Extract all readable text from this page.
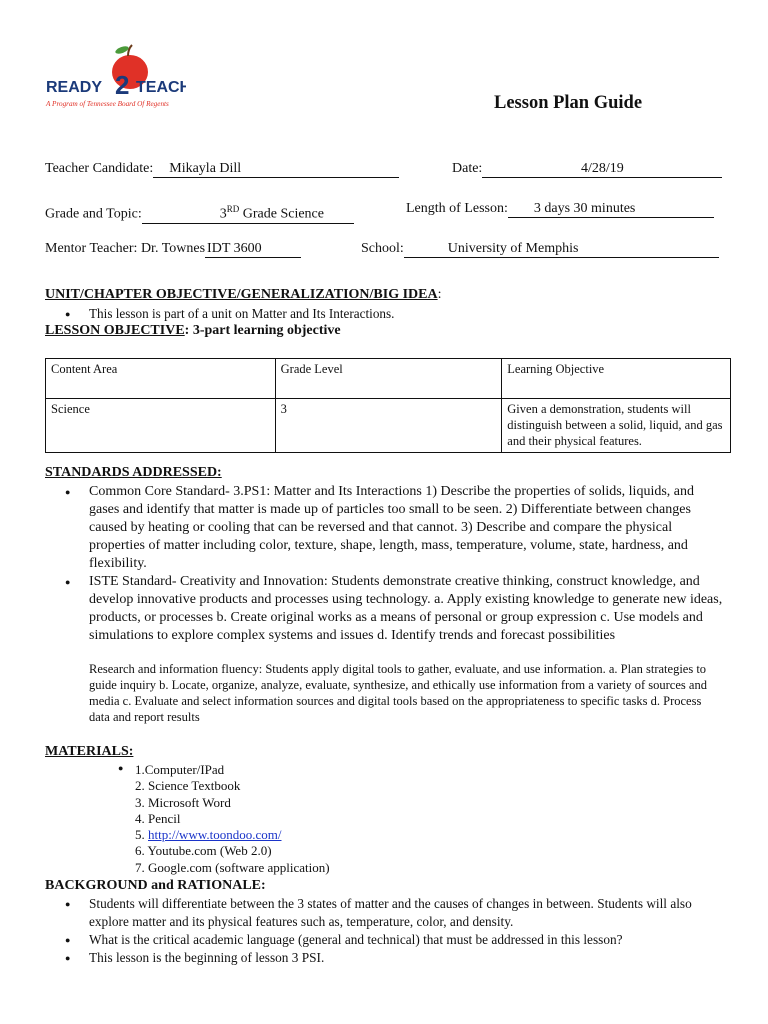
READY 2 TEACH
A Program of Tennessee Board Of Regents	Lesson Plan Guide
Teacher Candidate: Mikayla Dill	Date:	4/28/19
Grade and Topic:	3RD Grade Science	Length of Lesson: 3 days 30 minutes
Mentor Teacher: Dr. Townes IDT 3600	School:	University of Memphis
UNIT/CHAPTER OBJECTIVE/GENERALIZATION/BIG IDEA:
● This lesson is part of a unit on Matter and Its Interactions.
LESSON OBJECTIVE: 3-part learning objective
Content Area	Grade Level	Learning Objective
Science	3	Given a demonstration, students will distinguish between a solid, liquid, and gas and their physical features.
STANDARDS ADDRESSED:
● Common Core Standard- 3.PS1: Matter and Its Interactions 1) Describe the properties of solids, liquids, and gases and identify that matter is made up of particles too small to be seen. 2) Differentiate between changes caused by heating or cooling that can be reversed and that cannot. 3) Describe and compare the physical properties of matter including color, texture, shape, length, mass, temperature, volume, state, hardness, and flexibility.
● ISTE Standard- Creativity and Innovation: Students demonstrate creative thinking, construct knowledge, and develop innovative products and processes using technology. a. Apply existing knowledge to generate new ideas, products, or processes b. Create original works as a means of personal or group expression c. Use models and simulations to explore complex systems and issues d. Identify trends and forecast possibilities
Research and information fluency: Students apply digital tools to gather, evaluate, and use information. a. Plan strategies to guide inquiry b. Locate, organize, analyze, evaluate, synthesize, and ethically use information from a variety of sources and media c. Evaluate and select information sources and digital tools based on the appropriateness to specific tasks d. Process data and report results
MATERIALS:
● 1.Computer/IPad
2. Science Textbook
3. Microsoft Word
4. Pencil
5. http://www.toondoo.com/
6. Youtube.com (Web 2.0)
7. Google.com (software application)
BACKGROUND and RATIONALE:
● Students will differentiate between the 3 states of matter and the causes of changes in between. Students will also explore matter and its physical features such as, temperature, color, and density.
● What is the critical academic language (general and technical) that must be addressed in this lesson?
● This lesson is the beginning of lesson 3 PSI.
